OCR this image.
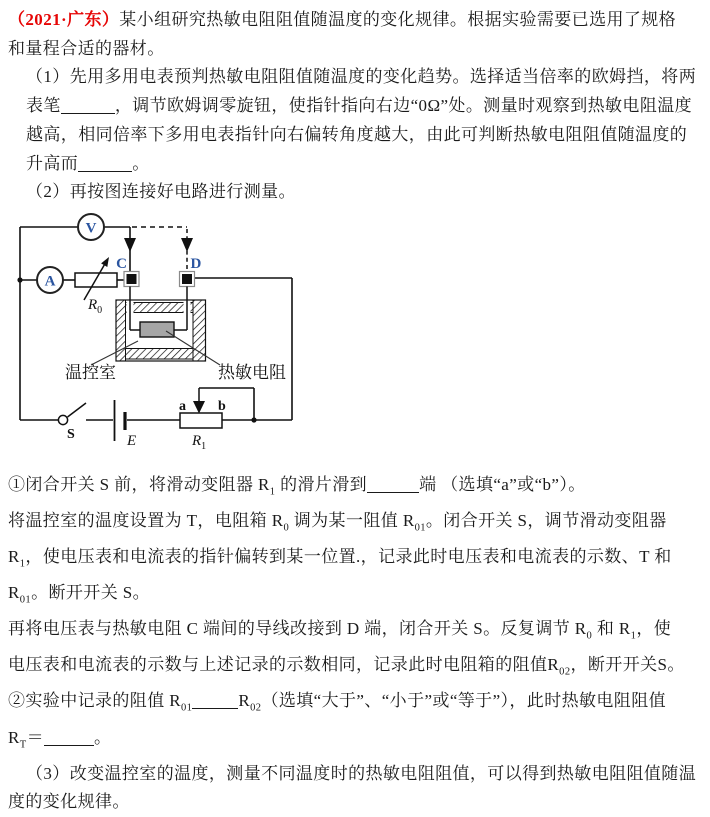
（2021·广东）某小组研究热敏电阻阻值随温度的变化规律。根据实验需要已选用了规格
和量程合适的器材。
（1）先用多用电表预判热敏电阻阻值随温度的变化趋势。选择适当倍率的欧姆挡，将两
表笔	，调节欧姆调零旋钮，使指针指向右边“0Ω”处。测量时观察到热敏电阻温度
越高，相同倍率下多用电表指针向右偏转角度越大，由此可判断热敏电阻阻值随温度的
升高而	。
（2）再按图连接好电路进行测量。
V
A
$R_0$
C	D
温控室	热敏电阻
S	E
a b
$R_1$
①闭合开关 S 前，将滑动变阻器 $R_1$ 的滑片滑到	端 （选填“a”或“b”）。
将温控室的温度设置为 T，电阻箱 $R_0$ 调为某一阻值 $R_{01}$。闭合开关 S，调节滑动变阻器
$R_1$，使电压表和电流表的指针偏转到某一位置.，记录此时电压表和电流表的示数、T 和
$R_{01}$。断开开关 S。
再将电压表与热敏电阻 C 端间的导线改接到 D 端，闭合开关 S。反复调节 $R_0$ 和 $R_1$，使
电压表和电流表的示数与上述记录的示数相同，记录此时电阻箱的阻值$R_{02}$，断开开关S。
②实验中记录的阻值 $R_{01}$	$R_{02}$（选填“大于”、“小于”或“等于”），此时热敏电阻阻值
$R_T=$	。
（3）改变温控室的温度，测量不同温度时的热敏电阻阻值，可以得到热敏电阻阻值随温
度的变化规律。
